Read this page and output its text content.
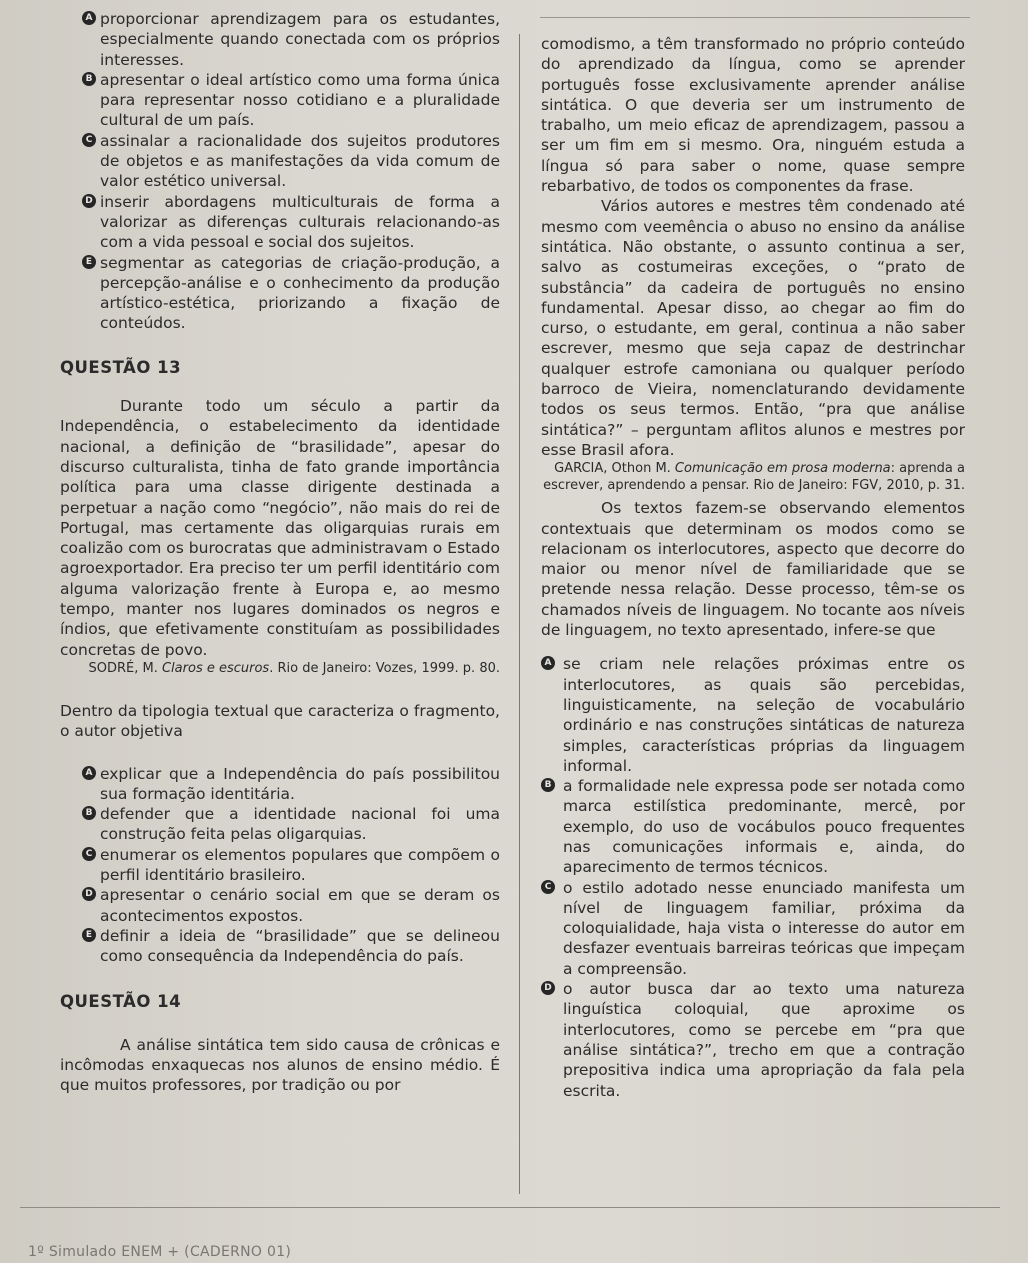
A proporcionar aprendizagem para os estudantes, especialmente quando conectada com os próprios interesses.
B apresentar o ideal artístico como uma forma única para representar nosso cotidiano e a pluralidade cultural de um país.
C assinalar a racionalidade dos sujeitos produtores de objetos e as manifestações da vida comum de valor estético universal.
D inserir abordagens multiculturais de forma a valorizar as diferenças culturais relacionando-as com a vida pessoal e social dos sujeitos.
E segmentar as categorias de criação-produção, a percepção-análise e o conhecimento da produção artístico-estética, priorizando a fixação de conteúdos.
QUESTÃO 13
Durante todo um século a partir da Independência, o estabelecimento da identidade nacional, a definição de “brasilidade”, apesar do discurso culturalista, tinha de fato grande importância política para uma classe dirigente destinada a perpetuar a nação como “negócio”, não mais do rei de Portugal, mas certamente das oligarquias rurais em coalizão com os burocratas que administravam o Estado agroexportador. Era preciso ter um perfil identitário com alguma valorização frente à Europa e, ao mesmo tempo, manter nos lugares dominados os negros e índios, que efetivamente constituíam as possibilidades concretas de povo.
SODRÉ, M. Claros e escuros. Rio de Janeiro: Vozes, 1999. p. 80.
Dentro da tipologia textual que caracteriza o fragmento, o autor objetiva
A explicar que a Independência do país possibilitou sua formação identitária.
B defender que a identidade nacional foi uma construção feita pelas oligarquias.
C enumerar os elementos populares que compõem o perfil identitário brasileiro.
D apresentar o cenário social em que se deram os acontecimentos expostos.
E definir a ideia de “brasilidade” que se delineou como consequência da Independência do país.
QUESTÃO 14
A análise sintática tem sido causa de crônicas e incômodas enxaquecas nos alunos de ensino médio. É que muitos professores, por tradição ou por
comodismo, a têm transformado no próprio conteúdo do aprendizado da língua, como se aprender português fosse exclusivamente aprender análise sintática. O que deveria ser um instrumento de trabalho, um meio eficaz de aprendizagem, passou a ser um fim em si mesmo. Ora, ninguém estuda a língua só para saber o nome, quase sempre rebarbativo, de todos os componentes da frase.
Vários autores e mestres têm condenado até mesmo com veemência o abuso no ensino da análise sintática. Não obstante, o assunto continua a ser, salvo as costumeiras exceções, o “prato de substância” da cadeira de português no ensino fundamental. Apesar disso, ao chegar ao fim do curso, o estudante, em geral, continua a não saber escrever, mesmo que seja capaz de destrinchar qualquer estrofe camoniana ou qualquer período barroco de Vieira, nomenclaturando devidamente todos os seus termos. Então, “pra que análise sintática?” – perguntam aflitos alunos e mestres por esse Brasil afora.
GARCIA, Othon M. Comunicação em prosa moderna: aprenda a escrever, aprendendo a pensar. Rio de Janeiro: FGV, 2010, p. 31.
Os textos fazem-se observando elementos contextuais que determinam os modos como se relacionam os interlocutores, aspecto que decorre do maior ou menor nível de familiaridade que se pretende nessa relação. Desse processo, têm-se os chamados níveis de linguagem. No tocante aos níveis de linguagem, no texto apresentado, infere-se que
A se criam nele relações próximas entre os interlocutores, as quais são percebidas, linguisticamente, na seleção de vocabulário ordinário e nas construções sintáticas de natureza simples, características próprias da linguagem informal.
B a formalidade nele expressa pode ser notada como marca estilística predominante, mercê, por exemplo, do uso de vocábulos pouco frequentes nas comunicações informais e, ainda, do aparecimento de termos técnicos.
C o estilo adotado nesse enunciado manifesta um nível de linguagem familiar, próxima da coloquialidade, haja vista o interesse do autor em desfazer eventuais barreiras teóricas que impeçam a compreensão.
D o autor busca dar ao texto uma natureza linguística coloquial, que aproxime os interlocutores, como se percebe em “pra que análise sintática?”, trecho em que a contração prepositiva indica uma apropriação da fala pela escrita.
1º Simulado ENEM + (CADERNO 01)
